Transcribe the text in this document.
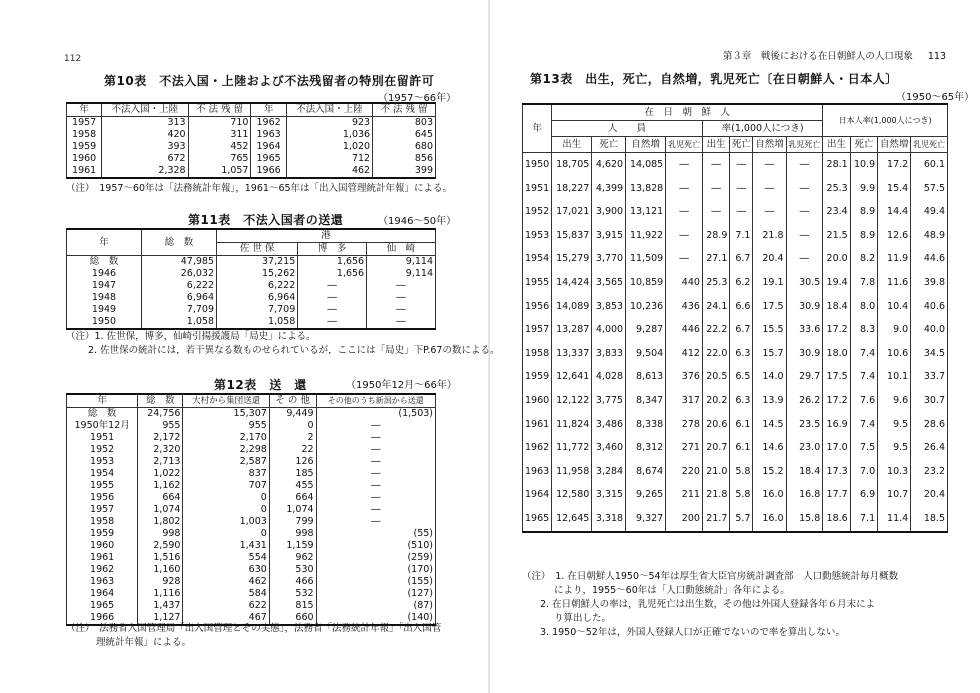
112
第10表　不法入国・上陸および不法残留者の特別在留許可
（1957～66年）
年	不法入国・上陸	不 法 残 留	年	不法入国・上陸	不 法 残 留
1957	313	710	1962	923	803
1958	420	311	1963	1,036	645
1959	393	452	1964	1,020	680
1960	672	765	1965	712	856
1961	2,328	1,057	1966	462	399
（注）　1957～60年は「法務統計年報」，1961～65年は「出入国管理統計年報」による。
第11表　不法入国者の送還	（1946～50年）
年	総　数	港		
		佐 世 保	博　多	仙　崎
総　数	47,985	37,215	1,656	9,114
1946	26,032	15,262	1,656	9,114
1947	6,222	6,222	―	―
1948	6,964	6,964	―	―
1949	7,709	7,709	―	―
1950	1,058	1,058	―	―
（注）1. 佐世保，博多，仙崎引揚援護局「局史」による。
2. 佐世保の統計には，若干異なる数ものせられているが，ここには「局史」下P.67の数による。
第12表　送　還	（1950年12月～66年）
年	総　数	大村から集団送還	そ の 他	その他のうち新潟から送還
総　数	24,756	15,307	9,449	(1,503)
1950年12月	955	955	0	―
1951	2,172	2,170	2	―
1952	2,320	2,298	22	―
1953	2,713	2,587	126	―
1954	1,022	837	185	―
1955	1,162	707	455	―
1956	664	0	664	―
1957	1,074	0	1,074	―
1958	1,802	1,003	799	―
1959	998	0	998	(55)
1960	2,590	1,431	1,159	(510)
1961	1,516	554	962	(259)
1962	1,160	630	530	(170)
1963	928	462	466	(155)
1964	1,116	584	532	(127)
1965	1,437	622	815	(87)
1966	1,127	467	660	(140)
（注）　法務省入国管理局「出入国管理とその実態」，法務省「法務統計年報」「出入国管
理統計年報」による。
第３章　戦後における在日朝鮮人の人口現象 113
第13表　出生，死亡，自然増，乳児死亡〔在日朝鮮人・日本人〕
（1950～65年）
年	在　日　朝　鮮　人								日本人率(1,000人につき)			
	人　　員				率(1,000人につき)							
	出生	死亡	自然増	乳児死亡	出生	死亡	自然増	乳児死亡	出生	死亡	自然増	乳児死亡
1950	18,705	4,620	14,085	―	―	―	―	―	28.1	10.9	17.2	60.1
1951	18,227	4,399	13,828	―	―	―	―	―	25.3	9.9	15.4	57.5
1952	17,021	3,900	13,121	―	―	―	―	―	23.4	8.9	14.4	49.4
1953	15,837	3,915	11,922	―	28.9	7.1	21.8	―	21.5	8.9	12.6	48.9
1954	15,279	3,770	11,509	―	27.1	6.7	20.4	―	20.0	8.2	11.9	44.6
1955	14,424	3,565	10,859	440	25.3	6.2	19.1	30.5	19.4	7.8	11.6	39.8
1956	14,089	3,853	10,236	436	24.1	6.6	17.5	30.9	18.4	8.0	10.4	40.6
1957	13,287	4,000	9,287	446	22.2	6.7	15.5	33.6	17.2	8.3	9.0	40.0
1958	13,337	3,833	9,504	412	22.0	6.3	15.7	30.9	18.0	7.4	10.6	34.5
1959	12,641	4,028	8,613	376	20.5	6.5	14.0	29.7	17.5	7.4	10.1	33.7
1960	12,122	3,775	8,347	317	20.2	6.3	13.9	26.2	17.2	7.6	9.6	30.7
1961	11,824	3,486	8,338	278	20.6	6.1	14.5	23.5	16.9	7.4	9.5	28.6
1962	11,772	3,460	8,312	271	20.7	6.1	14.6	23.0	17.0	7.5	9.5	26.4
1963	11,958	3,284	8,674	220	21.0	5.8	15.2	18.4	17.3	7.0	10.3	23.2
1964	12,580	3,315	9,265	211	21.8	5.8	16.0	16.8	17.7	6.9	10.7	20.4
1965	12,645	3,318	9,327	200	21.7	5.7	16.0	15.8	18.6	7.1	11.4	18.5
（注）　1. 在日朝鮮人1950～54年は厚生省大臣官房統計調査部　人口動態統計毎月概数
により，1955～60年は「人口動態統計」各年による。
2. 在日朝鮮人の率は，乳児死亡は出生数，その他は外国人登録各年６月末によ
り算出した。
3. 1950～52年は，外国人登録人口が正確でないので率を算出しない。
